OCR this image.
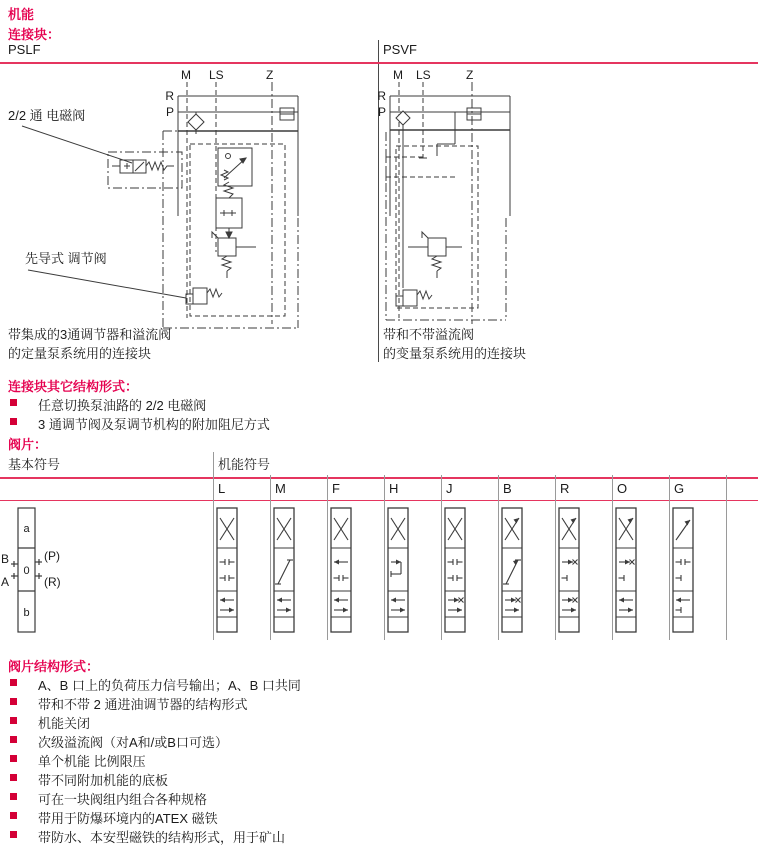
机能
连接块：
PSLF	PSVF
M LS	Z
R
P
M LS	Z
R
P
2/2 通 电磁阀
先导式 调节阀
带集成的3通调节器和溢流阀
的定量泵系统用的连接块
带和不带溢流阀
的变量泵系统用的连接块
连接块其它结构形式：
任意切换泵油路的 2/2 电磁阀
3 通调节阀及泵调节机构的附加阻尼方式
阀片：
基本符号	机能符号
L	M	F	H	J	B	R	O	G
a
0
b
B
A
(P)
(R)
阀片结构形式：
A、B 口上的负荷压力信号输出；A、B 口共同
带和不带 2 通进油调节器的结构形式
机能关闭
次级溢流阀（对A和/或B口可选）
单个机能 比例限压
带不同附加机能的底板
可在一块阀组内组合各种规格
带用于防爆环境内的ATEX 磁铁
带防水、本安型磁铁的结构形式，用于矿山
